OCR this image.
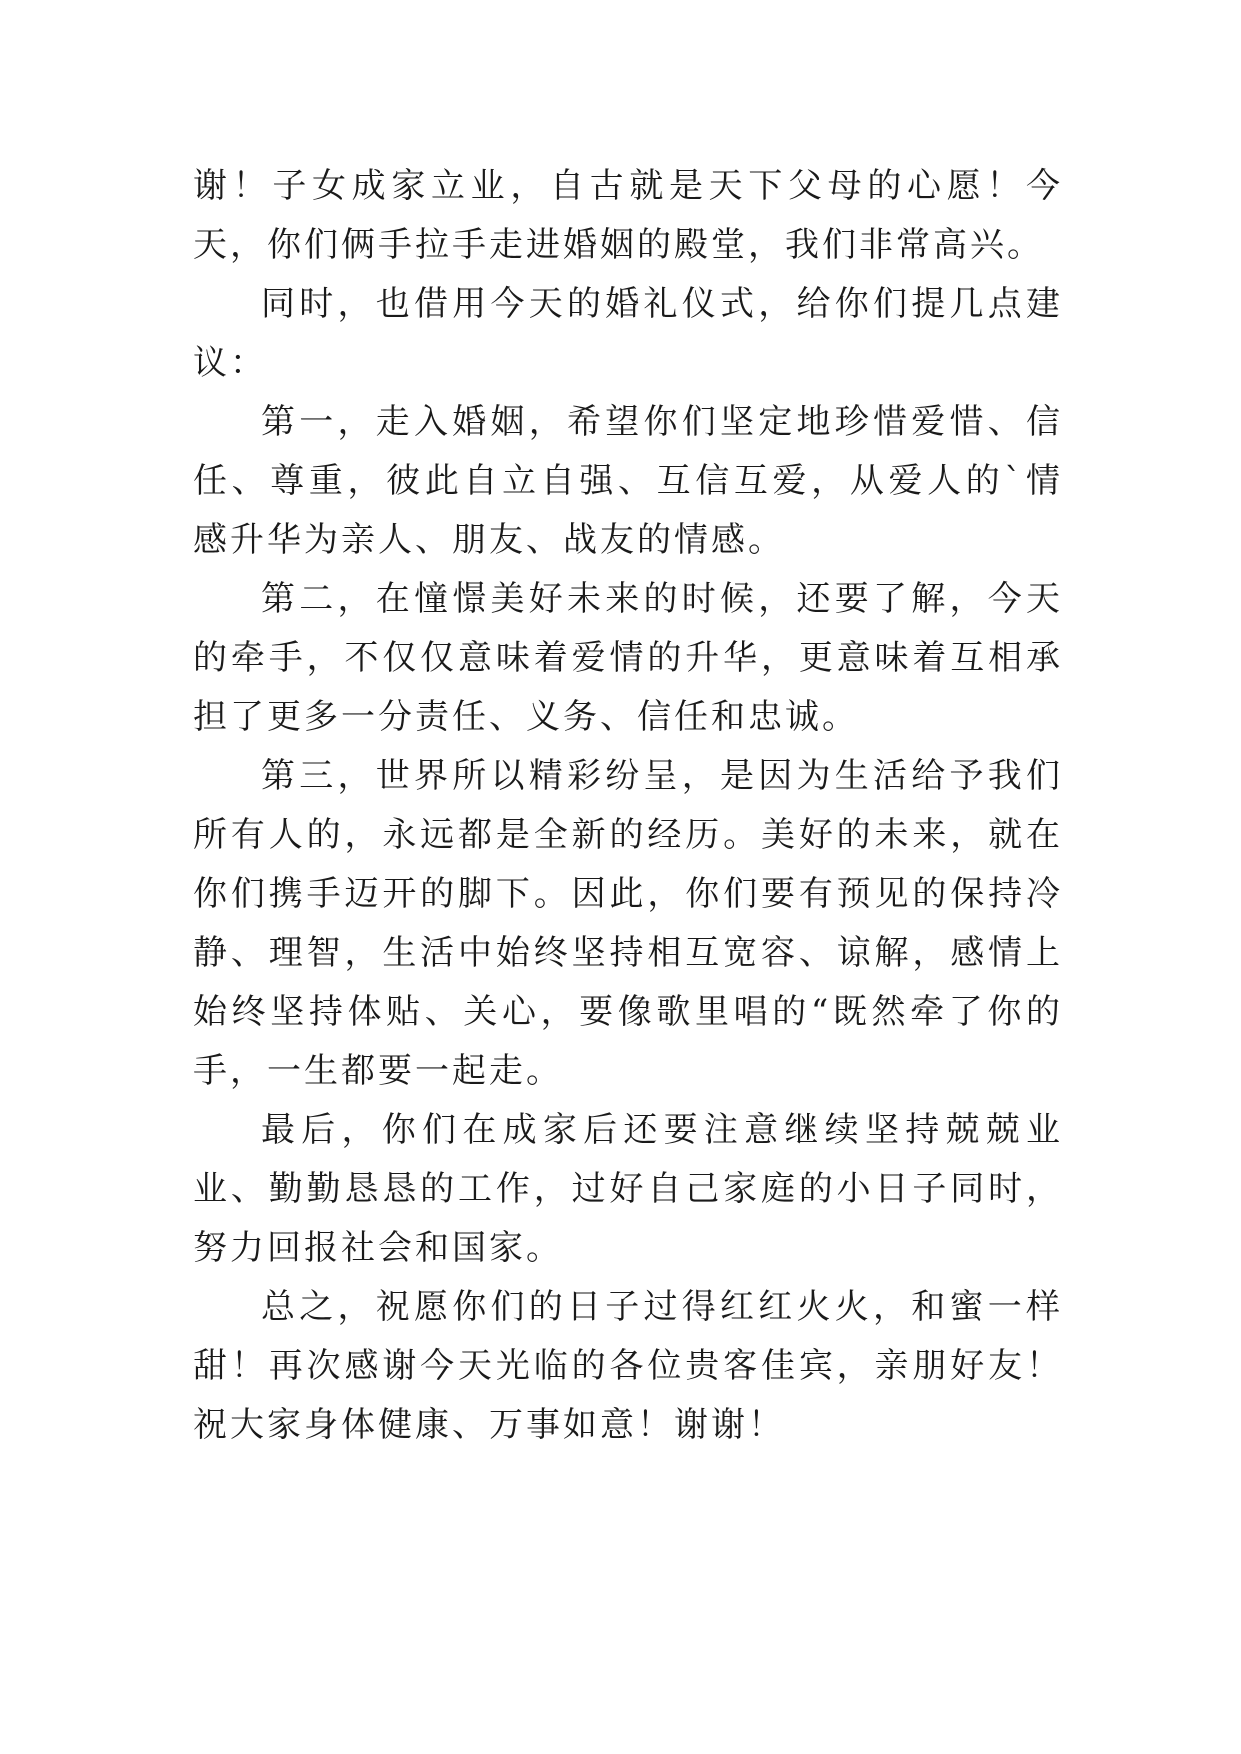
谢！子女成家立业，自古就是天下父母的心愿！今天，你们俩手拉手走进婚姻的殿堂，我们非常高兴。

同时，也借用今天的婚礼仪式，给你们提几点建议：

第一，走入婚姻，希望你们坚定地珍惜爱惜、信任、尊重，彼此自立自强、互信互爱，从爱人的`情感升华为亲人、朋友、战友的情感。

第二，在憧憬美好未来的时候，还要了解，今天的牵手，不仅仅意味着爱情的升华，更意味着互相承担了更多一分责任、义务、信任和忠诚。

第三，世界所以精彩纷呈，是因为生活给予我们所有人的，永远都是全新的经历。美好的未来，就在你们携手迈开的脚下。因此，你们要有预见的保持冷静、理智，生活中始终坚持相互宽容、谅解，感情上始终坚持体贴、关心，要像歌里唱的“既然牵了你的手，一生都要一起走。

最后，你们在成家后还要注意继续坚持兢兢业业、勤勤恳恳的工作，过好自己家庭的小日子同时，努力回报社会和国家。

总之，祝愿你们的日子过得红红火火，和蜜一样甜！再次感谢今天光临的各位贵客佳宾，亲朋好友！祝大家身体健康、万事如意！谢谢！
